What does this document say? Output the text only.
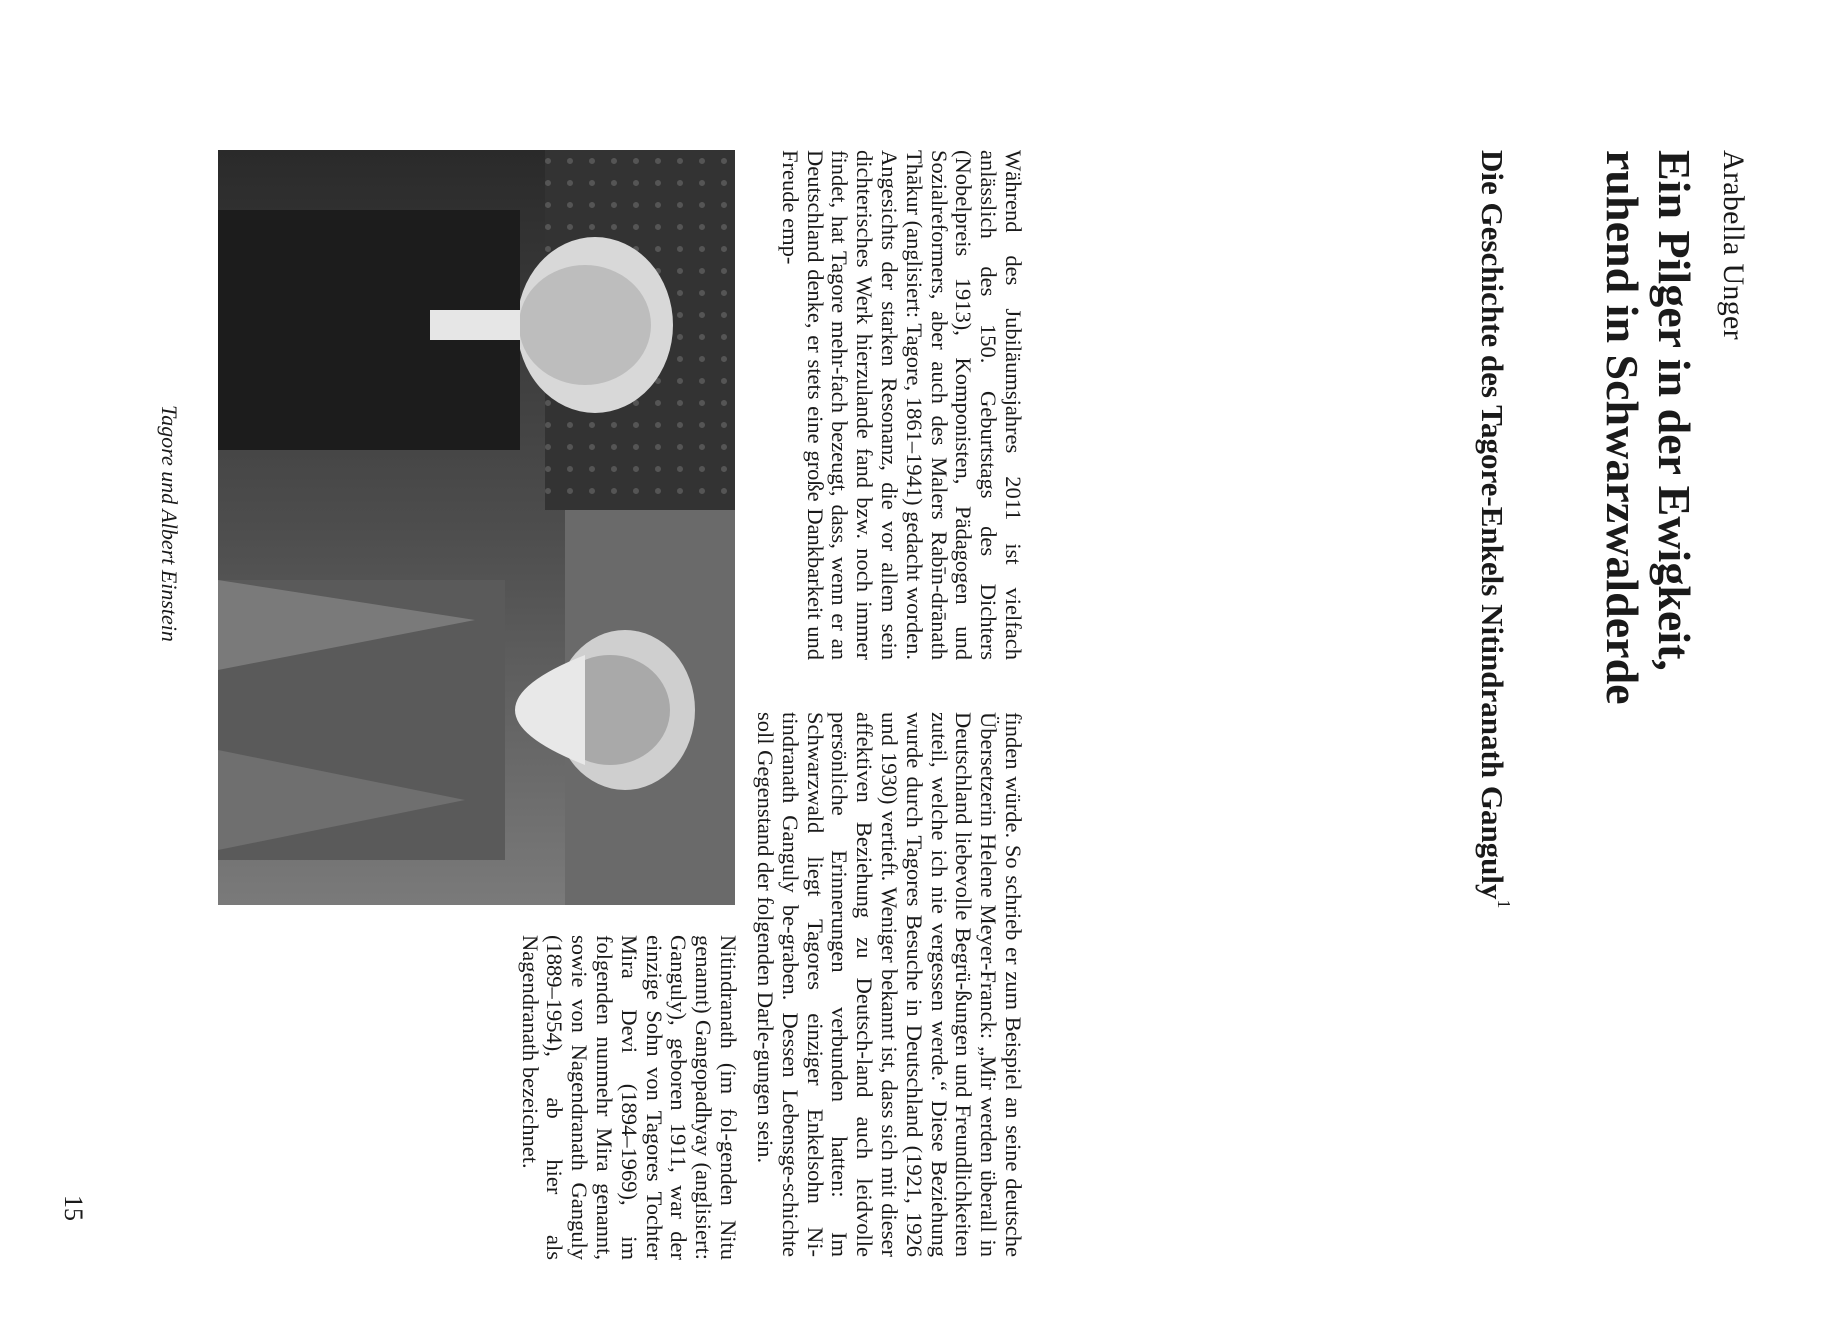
Arabella Unger
Ein Pilger in der Ewigkeit,
ruhend in Schwarzwalderde
Die Geschichte des Tagore-Enkels Nitindranath Ganguly$^1$

Während des Jubiläumsjahres 2011 ist vielfach anlässlich des 150. Geburtstags des Dichters (Nobelpreis 1913), Komponisten, Pädagogen und Sozialreformers, aber auch des Malers Rabīn-drānath Thākur (anglisiert: Tagore, 1861–1941) gedacht worden. Angesichts der starken Resonanz, die vor allem sein dichterisches Werk hierzulande fand bzw. noch immer findet, hat Tagore mehr-fach bezeugt, dass, wenn er an Deutschland denke, er stets eine große Dankbarkeit und Freude emp-

finden würde. So schrieb er zum Beispiel an seine deutsche Übersetzerin Helene Meyer-Franck: „Mir werden überall in Deutschland liebevolle Begrü-ßungen und Freundlichkeiten zuteil, welche ich nie vergessen werde.“ Diese Beziehung wurde durch Tagores Besuche in Deutschland (1921, 1926 und 1930) vertieft. Weniger bekannt ist, dass sich mit dieser affektiven Beziehung zu Deutsch-land auch leidvolle persönliche Erinnerungen verbunden hatten: Im Schwarzwald liegt Tagores einziger Enkelsohn Ni-tindranath Ganguly be-graben. Dessen Lebensge-schichte soll Gegenstand der folgenden Darle-gungen sein.

Tagore und Albert Einstein

Nitindranath (im fol-genden Nitu genannt) Gangopadhyay (anglisiert: Ganguly), geboren 1911, war der einzige Sohn von Tagores Tochter Mira Devi (1894–1969), im folgenden nunmehr Mira genannt, sowie von Nagendranath Ganguly (1889–1954), ab hier als Nagendranath bezeichnet.

15
